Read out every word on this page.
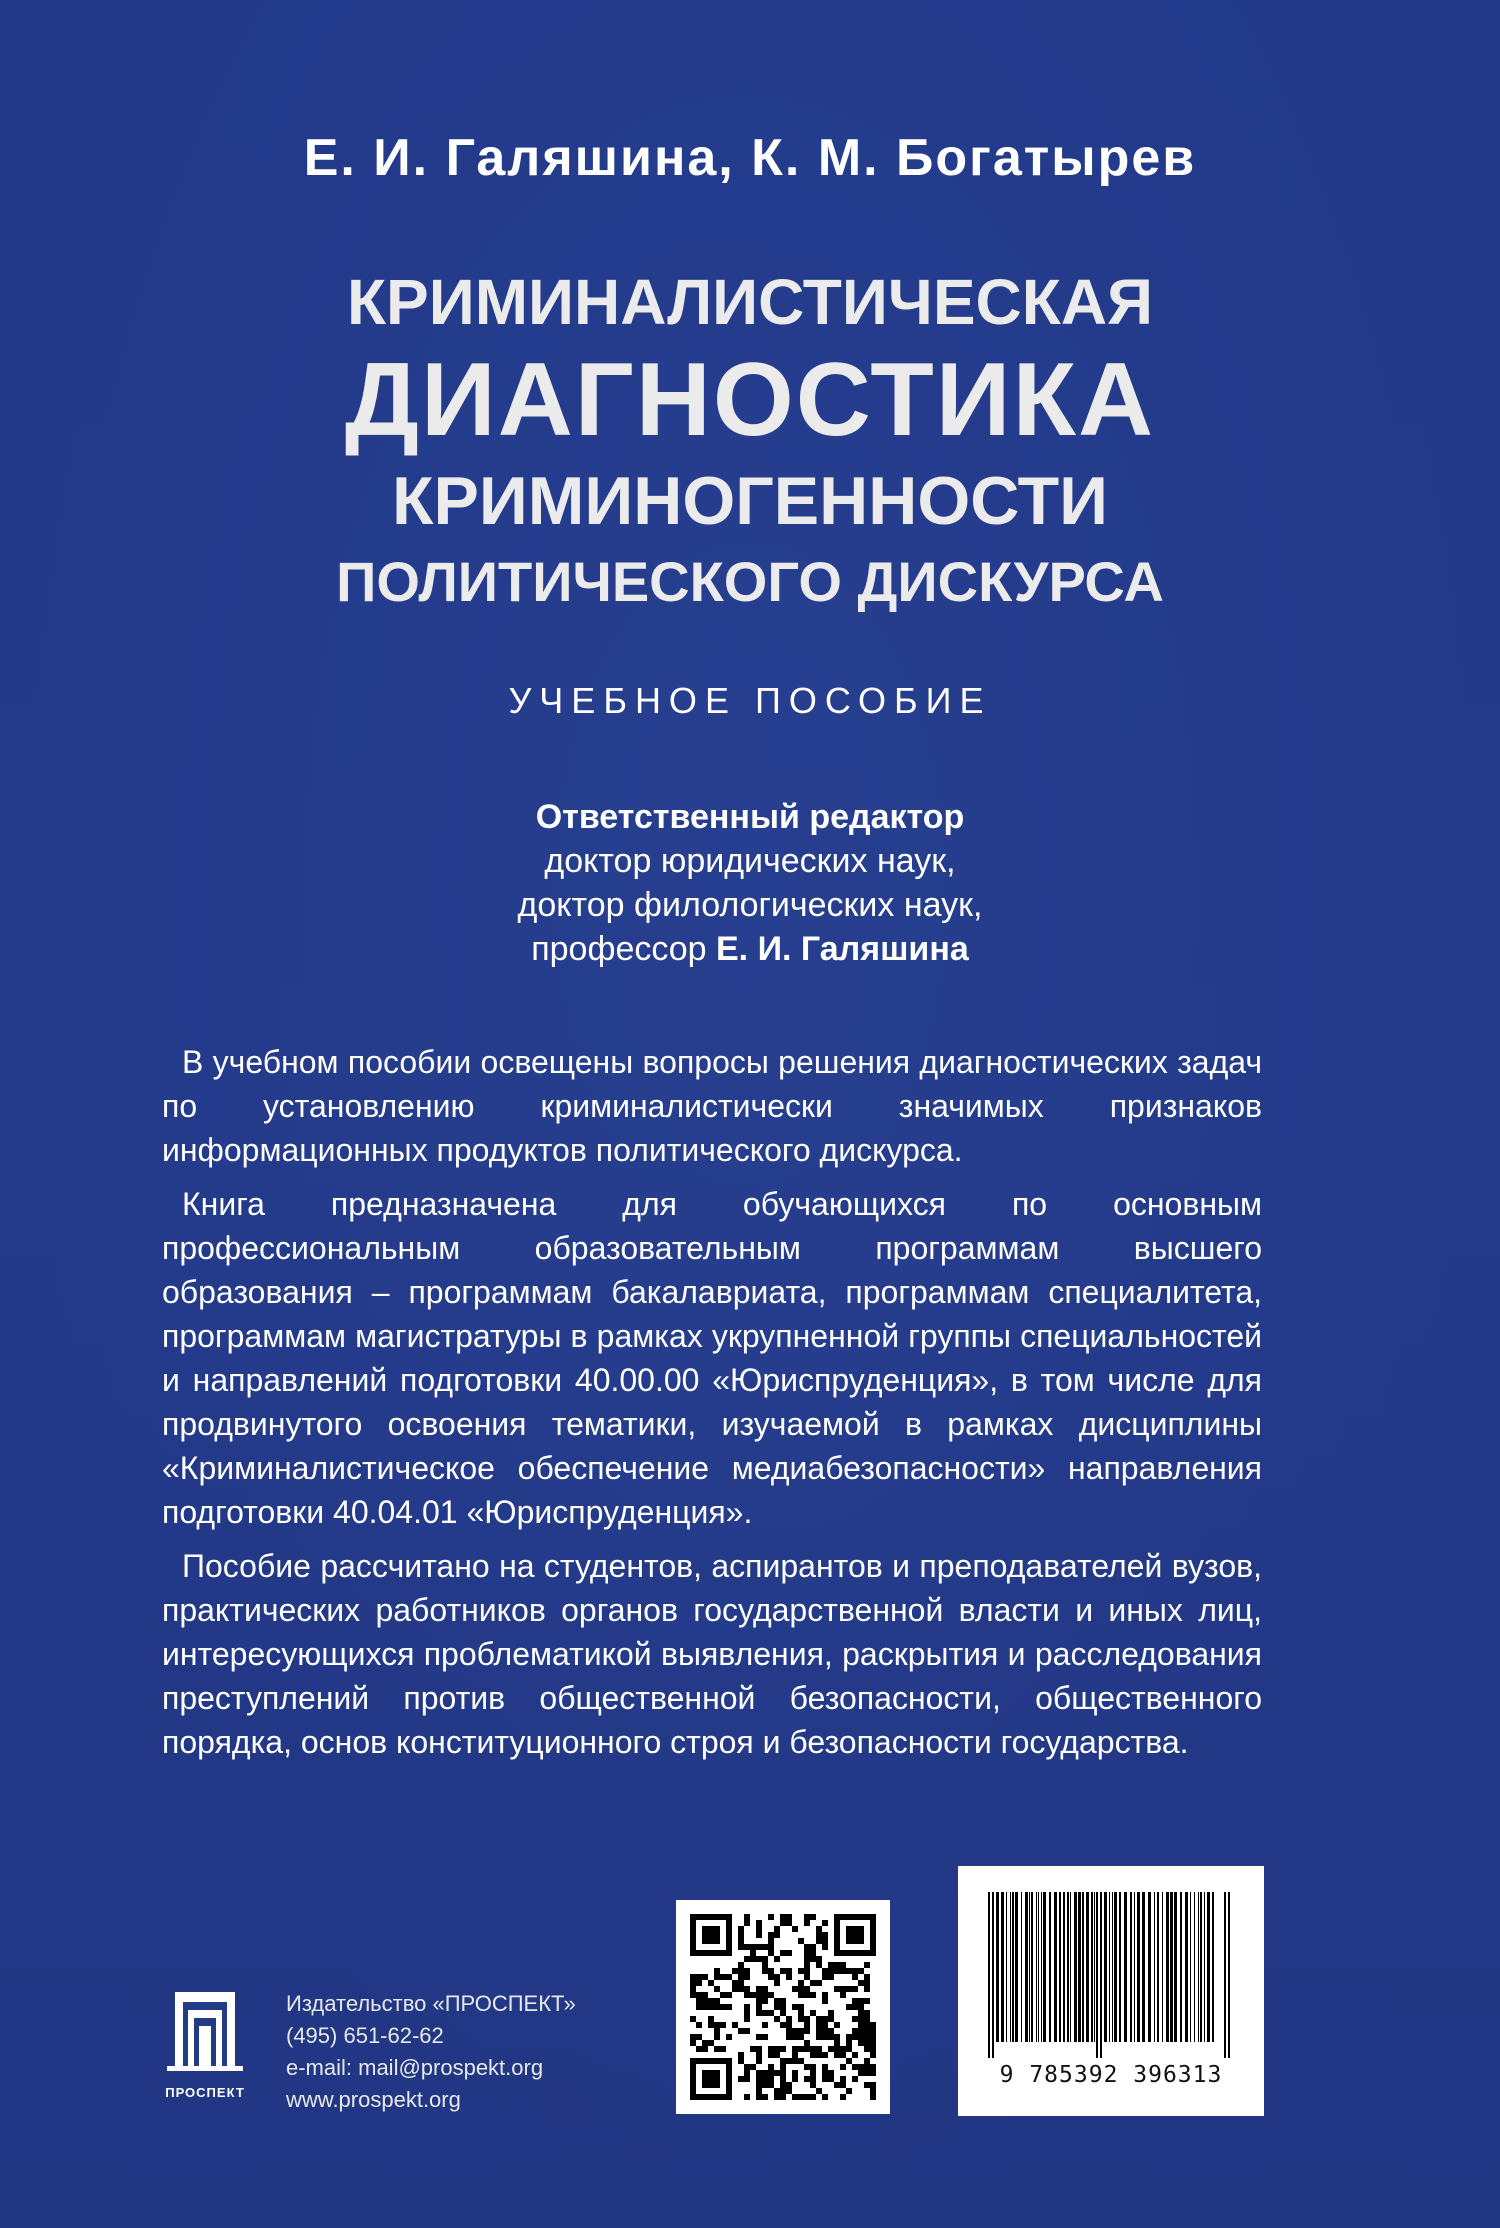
Е. И. Галяшина, К. М. Богатырев
КРИМИНАЛИСТИЧЕСКАЯ
ДИАГНОСТИКА
КРИМИНОГЕННОСТИ
ПОЛИТИЧЕСКОГО ДИСКУРСА
УЧЕБНОЕ ПОСОБИЕ
Ответственный редактор
доктор юридических наук,
доктор филологических наук,
профессор Е. И. Галяшина

В учебном пособии освещены вопросы решения диагностических задач по установлению криминалистически значимых признаков информационных продуктов политического дискурса.

Книга предназначена для обучающихся по основным профессиональным образовательным программам высшего образования – программам бакалавриата, программам специалитета, программам магистратуры в рамках укрупненной группы специальностей и направлений подготовки 40.00.00 «Юриспруденция», в том числе для продвинутого освоения тематики, изучаемой в рамках дисциплины «Криминалистическое обеспечение медиабезопасности» направления подготовки 40.04.01 «Юриспруденция».

Пособие рассчитано на студентов, аспирантов и преподавателей вузов, практических работников органов государственной власти и иных лиц, интересующихся проблематикой выявления, раскрытия и расследования преступлений против общественной безопасности, общественного порядка, основ конституционного строя и безопасности государства.

ПРОСПЕКТ
Издательство «ПРОСПЕКТ»
(495) 651-62-62
e-mail: mail@prospekt.org
www.prospekt.org
9 785392 396313
